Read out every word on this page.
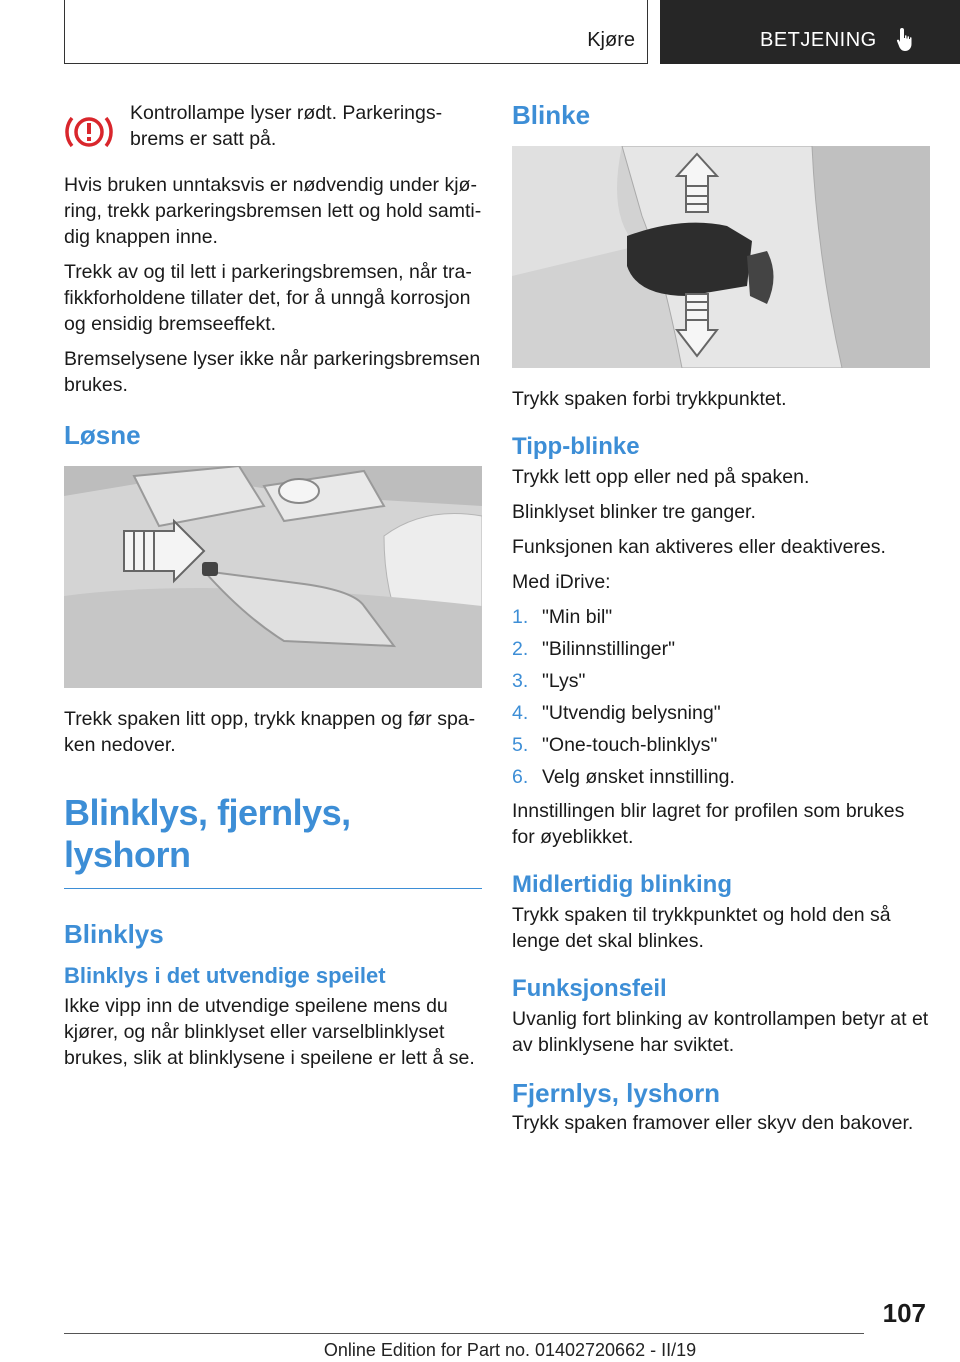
Kjøre	BETJENING

Kontrollampe lyser rødt. Parkeringsbrems er satt på.

Hvis bruken unntaksvis er nødvendig under kjøring, trekk parkeringsbremsen lett og hold samtidig knappen inne.

Trekk av og til lett i parkeringsbremsen, når trafikkforholdene tillater det, for å unngå korrosjon og ensidig bremseeffekt.

Bremselysene lyser ikke når parkeringsbremsen brukes.

Løsne

Trekk spaken litt opp, trykk knappen og før spaken nedover.

Blinklys, fjernlys, lyshorn
Blinklys
Blinklys i det utvendige speilet

Ikke vipp inn de utvendige speilene mens du kjører, og når blinklyset eller varselblinklyset brukes, slik at blinklysene i speilene er lett å se.

Blinke

Trykk spaken forbi trykkpunktet.

Tipp-blinke

Trykk lett opp eller ned på spaken.

Blinklyset blinker tre ganger.

Funksjonen kan aktiveres eller deaktiveres.

Med iDrive:

1. "Min bil"
2. "Bilinnstillinger"
3. "Lys"
4. "Utvendig belysning"
5. "One-touch-blinklys"
6. Velg ønsket innstilling.

Innstillingen blir lagret for profilen som brukes for øyeblikket.

Midlertidig blinking

Trykk spaken til trykkpunktet og hold den så lenge det skal blinkes.

Funksjonsfeil

Uvanlig fort blinking av kontrollampen betyr at et av blinklysene har sviktet.

Fjernlys, lyshorn

Trykk spaken framover eller skyv den bakover.

107
Online Edition for Part no. 01402720662 - II/19
